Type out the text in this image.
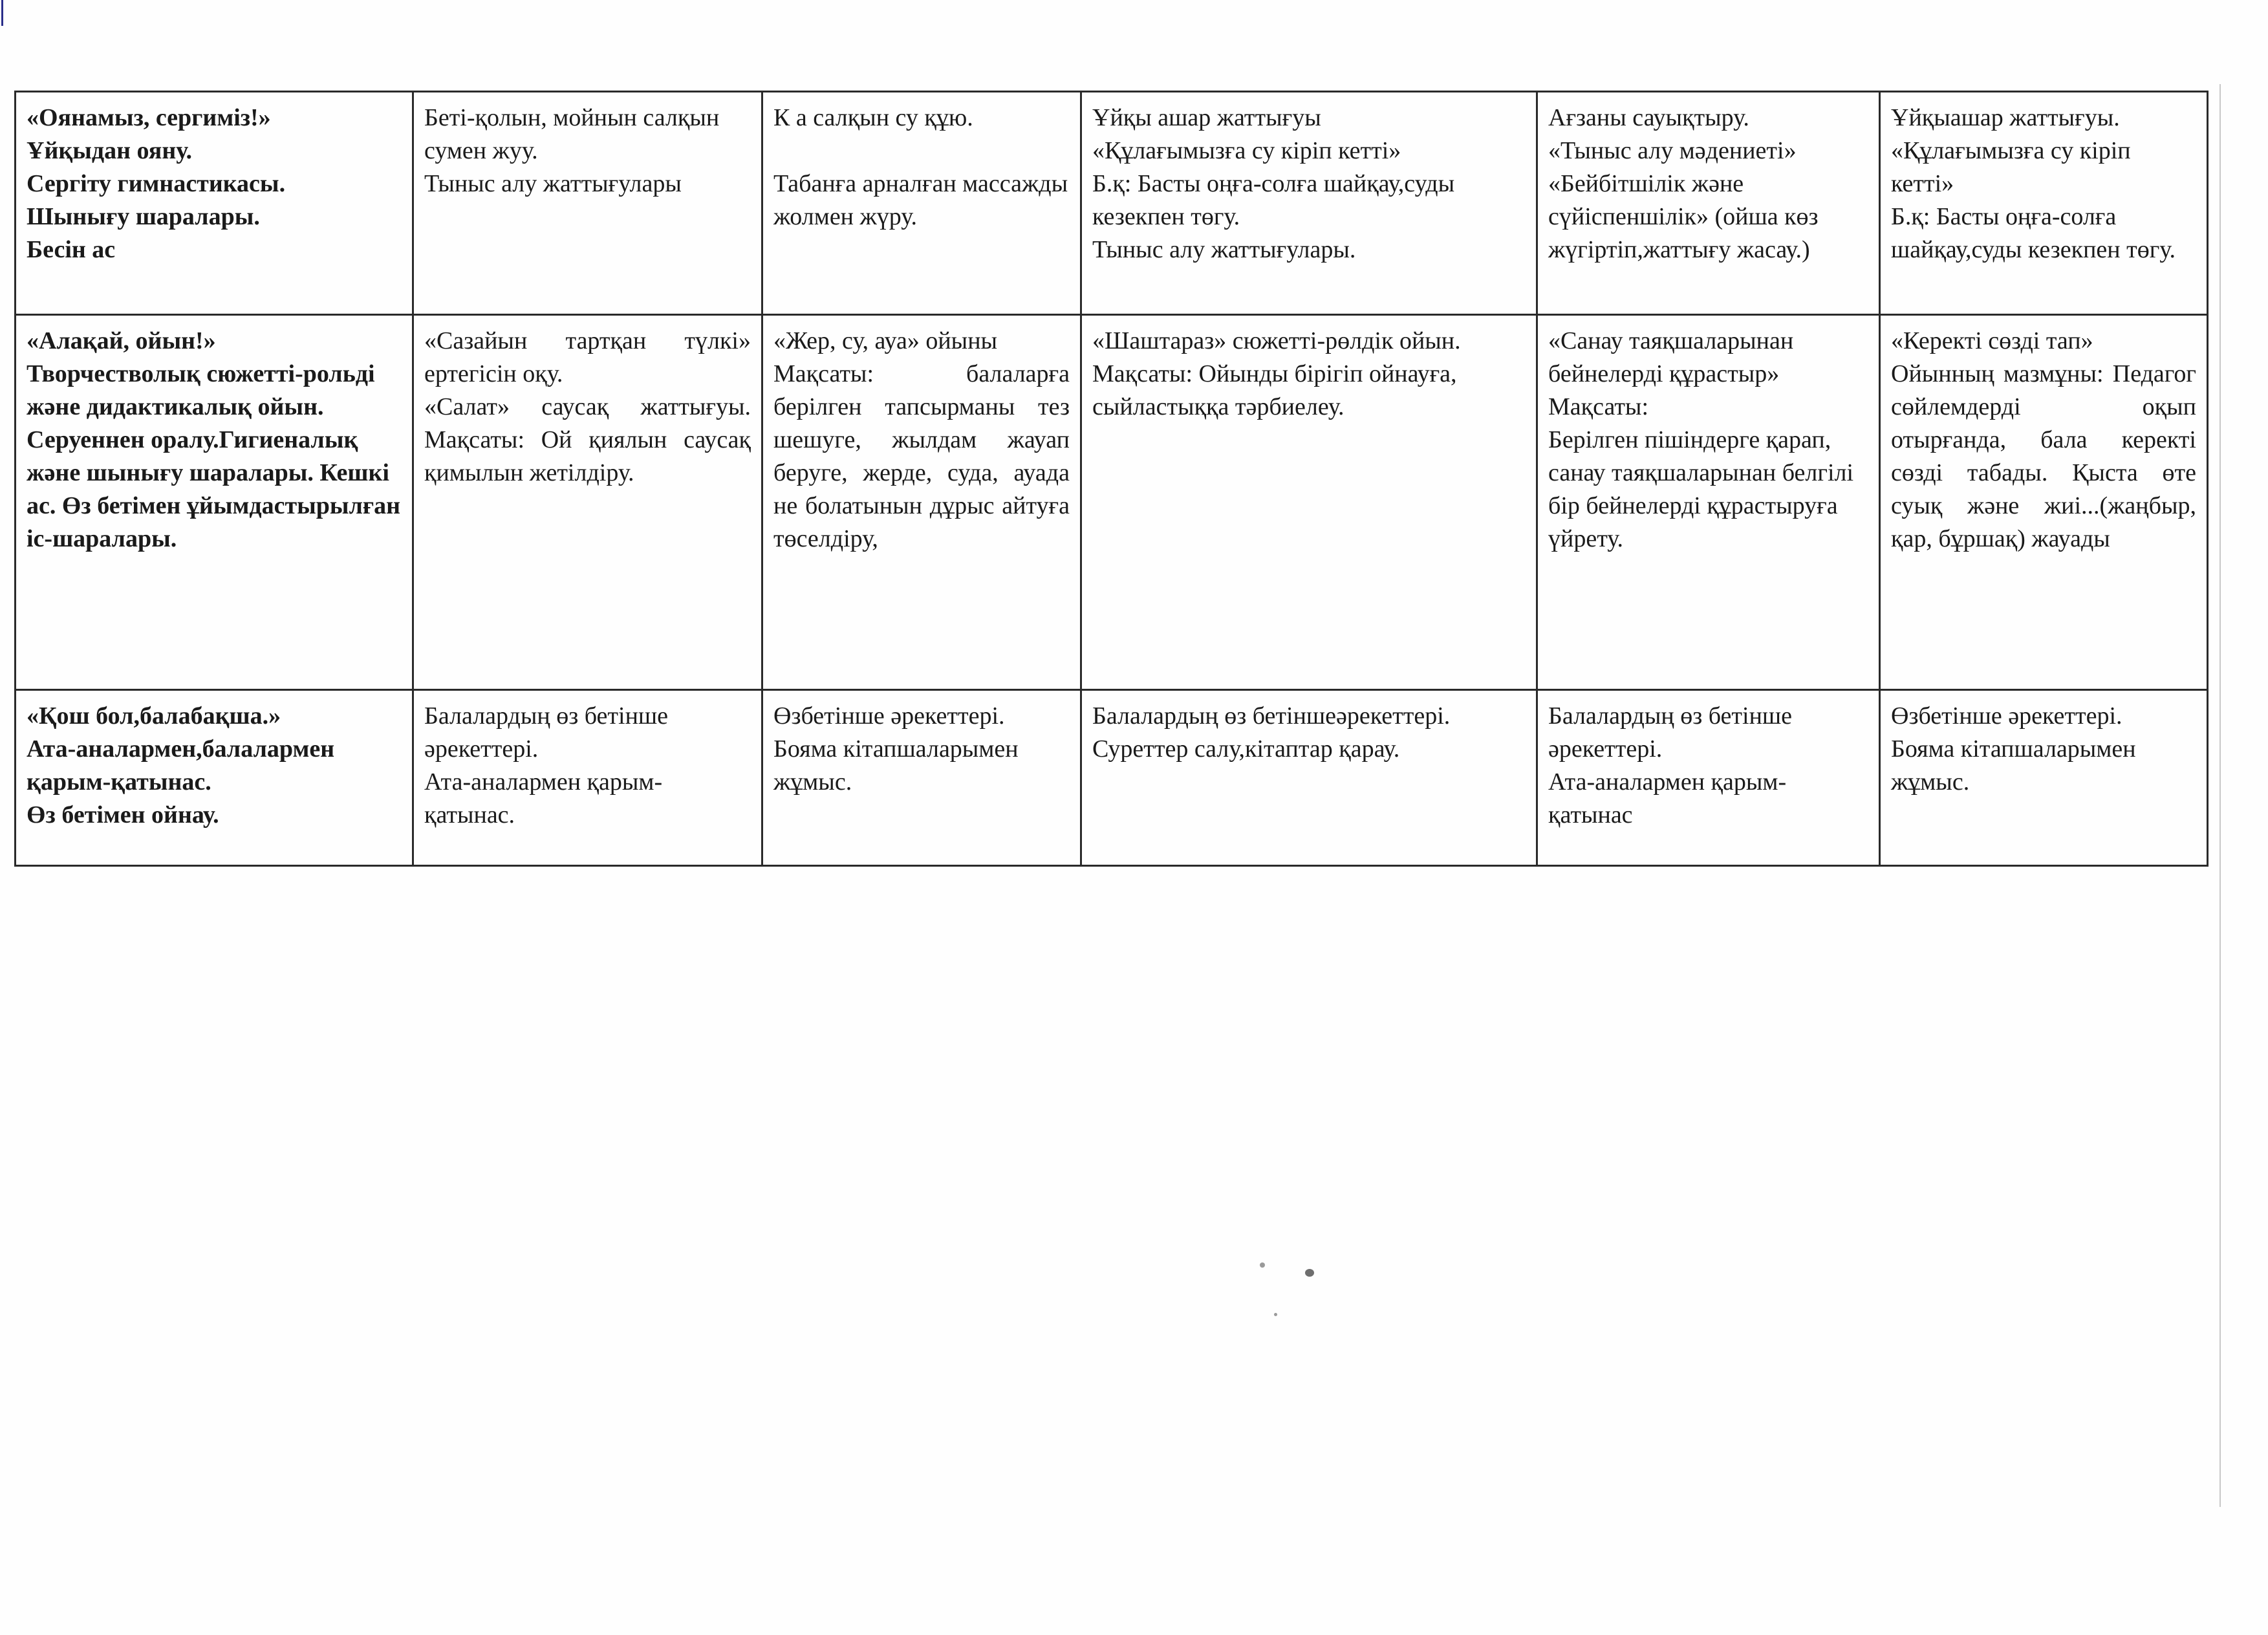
«Оянамыз, сергиміз!»
Ұйқыдан ояну.
Сергіту гимнастикасы.
Шынығу шаралары.
Бесін ас	Беті-қолын, мойнын салқын сумен жуу.
Тыныс алу жаттығулары	К а салқын су құю.

Табанға арналған массажды жолмен жүру.	Ұйқы ашар жаттығуы
«Құлағымызға су кіріп кетті»
Б.қ: Басты оңға-солға шайқау,суды кезекпен төгу.
Тыныс алу жаттығулары.	Ағзаны сауықтыру.
«Тыныс алу мәдениеті»
«Бейбітшілік және сүйіспеншілік» (ойша көз жүгіртіп,жаттығу жасау.)	Ұйқыашар жаттығуы.
«Құлағымызға су кіріп кетті»
Б.қ: Басты оңға-солға шайқау,суды кезекпен төгу.

«Алақай, ойын!»
Творчестволық сюжетті-рольді және дидактикалық ойын.
Серуеннен оралу.Гигиеналық және шынығу шаралары. Кешкі ас. Өз бетімен ұйымдастырылған іс-шаралары.	«Сазайын тартқан түлкі» ертегісін оқу.
«Салат» саусақ жаттығуы. Мақсаты: Ой қиялын саусақ қимылын жетілдіру.	«Жер, су, ауа» ойыны
Мақсаты: балаларға берілген тапсырманы тез шешуге, жылдам жауап беруге, жерде, суда, ауада не болатынын дұрыс айтуға төселдіру,	«Шаштараз» сюжетті-рөлдік ойын.
Мақсаты: Ойынды бірігіп ойнауға, сыйластыққа тәрбиелеу.	«Санау таяқшаларынан бейнелерді құрастыр»
Мақсаты:
Берілген пішіндерге қарап, санау таяқшаларынан белгілі бір бейнелерді құрастыруға үйрету.	«Керекті сөзді тап»
Ойынның мазмұны: Педагог сөйлемдерді оқып отырғанда, бала керекті сөзді табады. Қыста өте суық және жиі...(жаңбыр, қар, бұршақ) жауады

«Қош бол,балабақша.»
Ата-аналармен,балалармен қарым-қатынас.
Өз бетімен ойнау.	Балалардың өз бетінше әрекеттері.
Ата-аналармен қарым-қатынас.	Өзбетінше әрекеттері.
Бояма кітапшаларымен жұмыс.	Балалардың өз бетіншеәрекеттері.
Суреттер салу,кітаптар қарау.	Балалардың өз бетінше әрекеттері.
Ата-аналармен қарым-қатынас	Өзбетінше әрекеттері.
Бояма кітапшаларымен жұмыс.
